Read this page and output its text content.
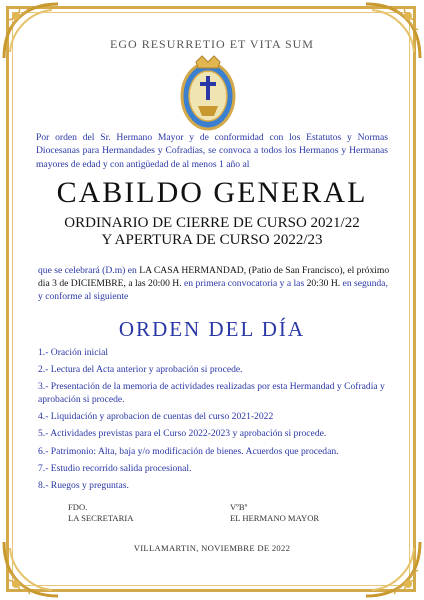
EGO RESURRETIO ET VITA SUM
Por orden del Sr. Hermano Mayor y de conformidad con los Estatutos y Normas Diocesanas para Hermandades y Cofradías, se convoca a todos los Hermanos y Hermanas mayores de edad y con antigüedad de al menos 1 año al
CABILDO GENERAL
ORDINARIO DE CIERRE DE CURSO 2021/22
Y APERTURA DE CURSO 2022/23
que se celebrará (D.m) en LA CASA HERMANDAD, (Patio de San Francisco), el próximo dia 3 de DICIEMBRE, a las 20:00 H. en primera convocatoria y a las 20:30 H. en segunda, y conforme al siguiente
ORDEN DEL DÍA
1.- Oración inicial
2.- Lectura del Acta anterior y aprobación si procede.
3.- Presentación de la memoria de actividades realizadas por esta Hermandad y Cofradía y aprobación si procede.
4.- Liquidación y aprobacion de cuentas del curso 2021-2022
5.- Actividades previstas para el Curso 2022-2023 y aprobación si procede.
6.- Patrimonio: Alta, baja y/o modificación de bienes. Acuerdos que procedan.
7.- Estudio recorrido salida procesional.
8.- Ruegos y preguntas.
FDO.
LA SECRETARIA
VºBº
EL HERMANO MAYOR
VILLAMARTIN, NOVIEMBRE DE 2022
